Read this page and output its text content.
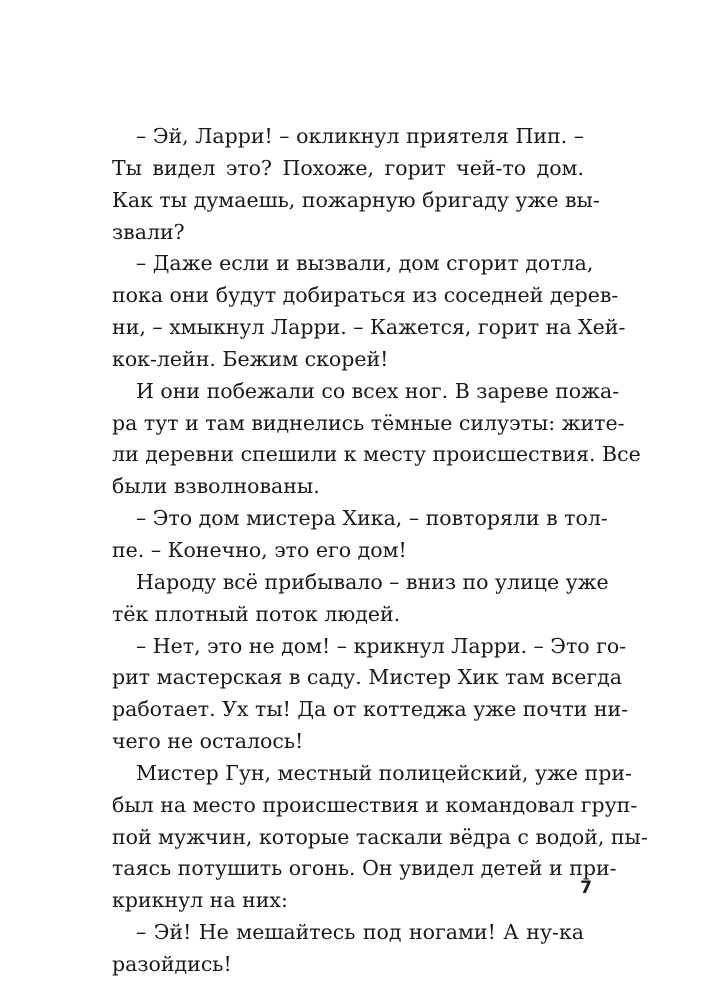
– Эй, Ларри! – окликнул приятеля Пип. –
Ты видел это? Похоже, горит чей-то дом.
Как ты думаешь, пожарную бригаду уже вы-
звали?
– Даже если и вызвали, дом сгорит дотла,
пока они будут добираться из соседней дерев-
ни, – хмыкнул Ларри. – Кажется, горит на Хей-
кок-лейн. Бежим скорей!
И они побежали со всех ног. В зареве пожа-
ра тут и там виднелись тёмные силуэты: жите-
ли деревни спешили к месту происшествия. Все
были взволнованы.
– Это дом мистера Хика, – повторяли в тол-
пе. – Конечно, это его дом!
Народу всё прибывало – вниз по улице уже
тёк плотный поток людей.
– Нет, это не дом! – крикнул Ларри. – Это го-
рит мастерская в саду. Мистер Хик там всегда
работает. Ух ты! Да от коттеджа уже почти ни-
чего не осталось!
Мистер Гун, местный полицейский, уже при-
был на место происшествия и командовал груп-
пой мужчин, которые таскали вёдра с водой, пы-
таясь потушить огонь. Он увидел детей и при-
крикнул на них:
– Эй! Не мешайтесь под ногами! А ну-ка
разойдись!
7
